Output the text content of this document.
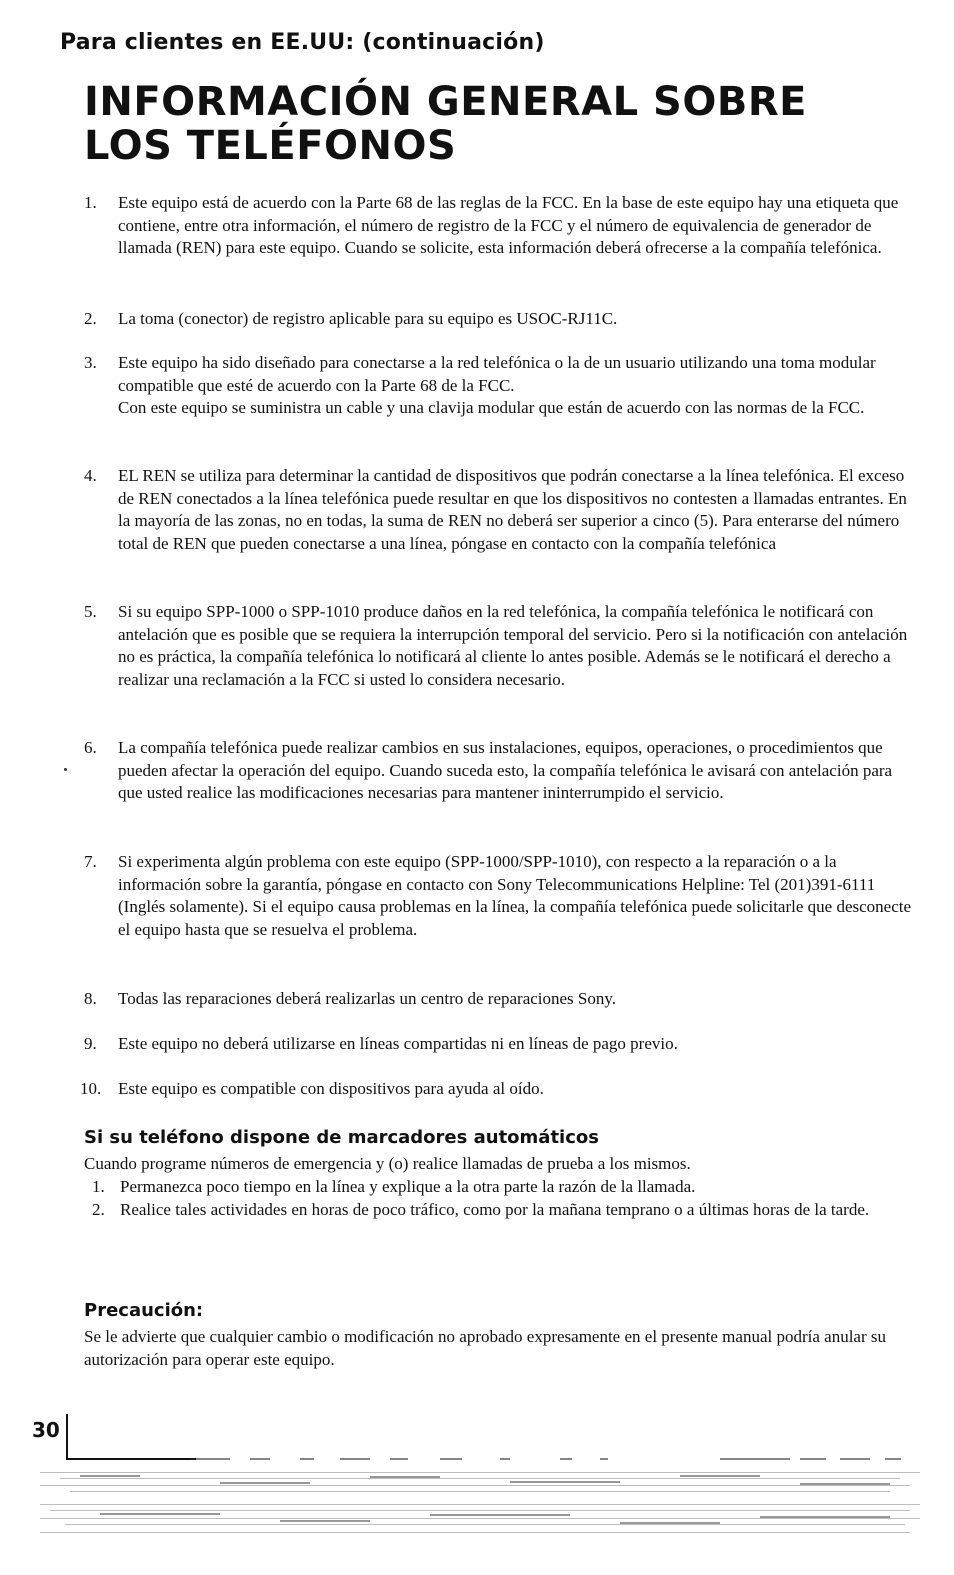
Para clientes en EE.UU: (continuación)
INFORMACIÓN GENERAL SOBRE LOS TELÉFONOS
1.	Este equipo está de acuerdo con la Parte 68 de las reglas de la FCC. En la base de este equipo hay una etiqueta que contiene, entre otra información, el número de registro de la FCC y el número de equivalencia de generador de llamada (REN) para este equipo. Cuando se solicite, esta información deberá ofrecerse a la compañía telefónica.
2.	La toma (conector) de registro aplicable para su equipo es USOC-RJ11C.
3.	Este equipo ha sido diseñado para conectarse a la red telefónica o la de un usuario utilizando una toma modular compatible que esté de acuerdo con la Parte 68 de la FCC.
Con este equipo se suministra un cable y una clavija modular que están de acuerdo con las normas de la FCC.
4.	EL REN se utiliza para determinar la cantidad de dispositivos que podrán conectarse a la línea telefónica. El exceso de REN conectados a la línea telefónica puede resultar en que los dispositivos no contesten a llamadas entrantes. En la mayoría de las zonas, no en todas, la suma de REN no deberá ser superior a cinco (5). Para enterarse del número total de REN que pueden conectarse a una línea, póngase en contacto con la compañía telefónica
5.	Si su equipo SPP-1000 o SPP-1010 produce daños en la red telefónica, la compañía telefónica le notificará con antelación que es posible que se requiera la interrupción temporal del servicio. Pero si la notificación con antelación no es práctica, la compañía telefónica lo notificará al cliente lo antes posible. Además se le notificará el derecho a realizar una reclamación a la FCC si usted lo considera necesario.
6.	La compañía telefónica puede realizar cambios en sus instalaciones, equipos, operaciones, o procedimientos que pueden afectar la operación del equipo. Cuando suceda esto, la compañía telefónica le avisará con antelación para que usted realice las modificaciones necesarias para mantener ininterrumpido el servicio.
7.	Si experimenta algún problema con este equipo (SPP-1000/SPP-1010), con respecto a la reparación o a la información sobre la garantía, póngase en contacto con Sony Telecommunications Helpline: Tel (201)391-6111 (Inglés solamente). Si el equipo causa problemas en la línea, la compañía telefónica puede solicitarle que desconecte el equipo hasta que se resuelva el problema.
8.	Todas las reparaciones deberá realizarlas un centro de reparaciones Sony.
9.	Este equipo no deberá utilizarse en líneas compartidas ni en líneas de pago previo.
10. Este equipo es compatible con dispositivos para ayuda al oído.
Si su teléfono dispone de marcadores automáticos
Cuando programe números de emergencia y (o) realice llamadas de prueba a los mismos.
1. Permanezca poco tiempo en la línea y explique a la otra parte la razón de la llamada.
2. Realice tales actividades en horas de poco tráfico, como por la mañana temprano o a últimas horas de la tarde.
Precaución:
Se le advierte que cualquier cambio o modificación no aprobado expresamente en el presente manual podría anular su autorización para operar este equipo.
30
